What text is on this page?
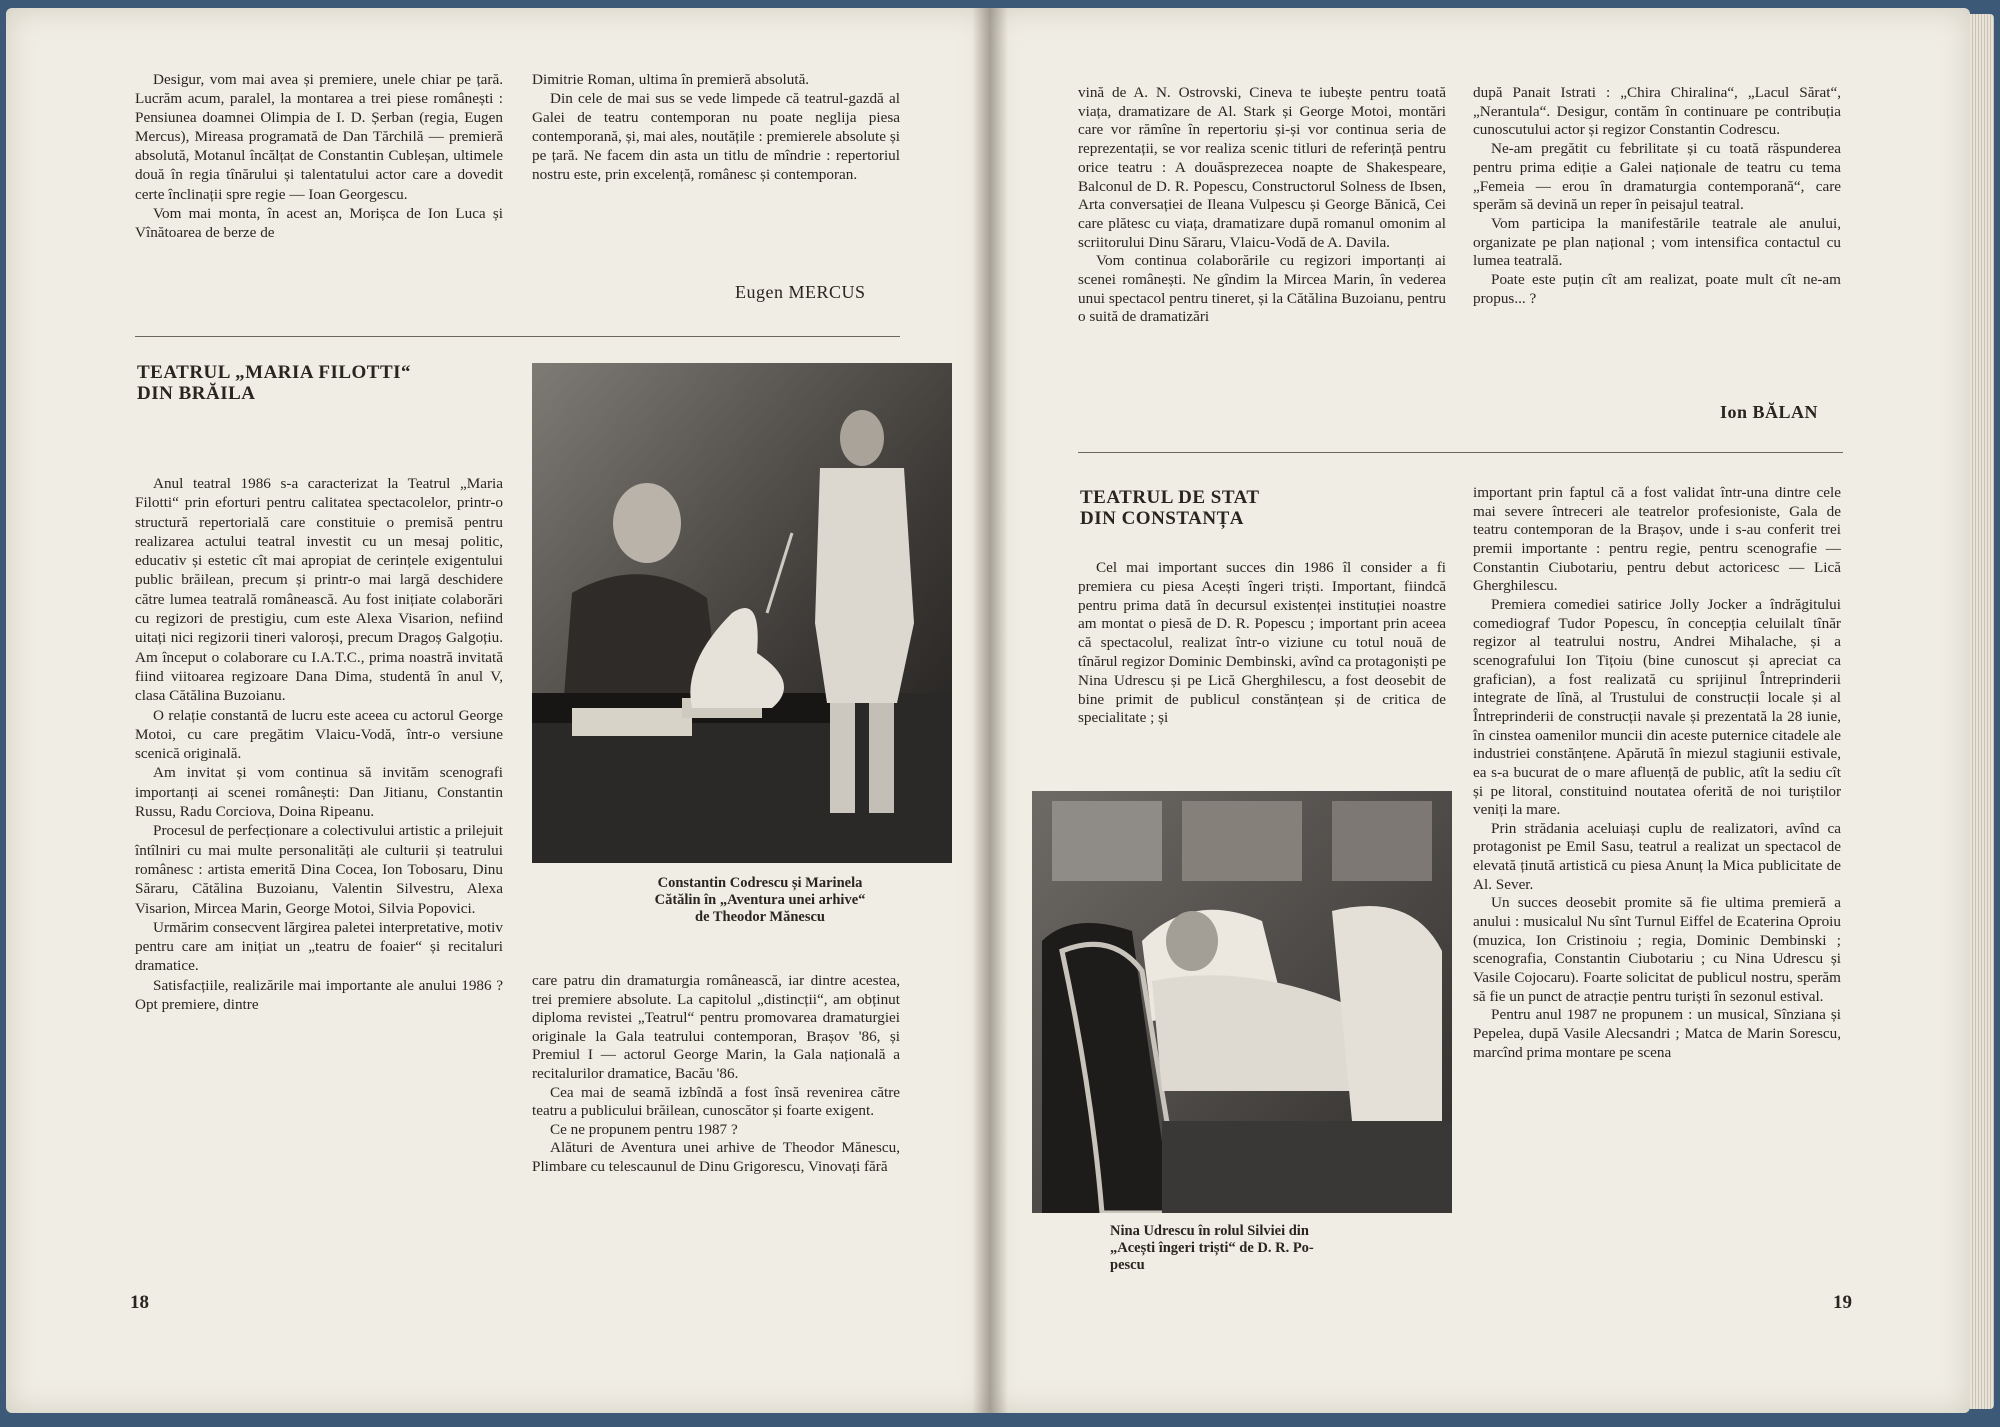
Desigur, vom mai avea și premiere, unele chiar pe țară. Lucrăm acum, paralel, la montarea a trei piese românești : Pensiunea doamnei Olimpia de I. D. Șerban (regia, Eugen Mercus), Mireasa programată de Dan Tărchilă — premieră absolută, Motanul încălțat de Constantin Cubleșan, ultimele două în regia tînărului și talentatului actor care a dovedit certe înclinații spre regie — Ioan Georgescu.

Vom mai monta, în acest an, Morișca de Ion Luca și Vînătoarea de berze de

Dimitrie Roman, ultima în premieră absolută.

Din cele de mai sus se vede limpede că teatrul-gazdă al Galei de teatru contemporan nu poate neglija piesa contemporană, și, mai ales, noutățile : premierele absolute și pe țară. Ne facem din asta un titlu de mîndrie : repertoriul nostru este, prin excelență, românesc și contemporan.

Eugen MERCUS
TEATRUL „MARIA FILOTTI“
DIN BRĂILA

Anul teatral 1986 s-a caracterizat la Teatrul „Maria Filotti“ prin eforturi pentru calitatea spectacolelor, printr-o structură repertorială care constituie o premisă pentru realizarea actului teatral investit cu un mesaj politic, educativ și estetic cît mai apropiat de cerințele exigentului public brăilean, precum și printr-o mai largă deschidere către lumea teatrală românească. Au fost inițiate colaborări cu regizori de prestigiu, cum este Alexa Visarion, nefiind uitați nici regizorii tineri valoroși, precum Dragoș Galgoțiu. Am început o colaborare cu I.A.T.C., prima noastră invitată fiind viitoarea regizoare Dana Dima, studentă în anul V, clasa Cătălina Buzoianu.

O relație constantă de lucru este aceea cu actorul George Motoi, cu care pregătim Vlaicu-Vodă, într-o versiune scenică originală.

Am invitat și vom continua să invităm scenografi importanți ai scenei românești: Dan Jitianu, Constantin Russu, Radu Corciova, Doina Ripeanu.

Procesul de perfecționare a colectivului artistic a prilejuit întîlniri cu mai multe personalități ale culturii și teatrului românesc : artista emerită Dina Cocea, Ion Tobosaru, Dinu Săraru, Cătălina Buzoianu, Valentin Silvestru, Alexa Visarion, Mircea Marin, George Motoi, Silvia Popovici.

Urmărim consecvent lărgirea paletei interpretative, motiv pentru care am inițiat un „teatru de foaier“ și recitaluri dramatice.

Satisfacțiile, realizările mai importante ale anului 1986 ? Opt premiere, dintre

Constantin Codrescu și Marinela
Cătălin în „Aventura unei arhive“
de Theodor Mănescu

care patru din dramaturgia românească, iar dintre acestea, trei premiere absolute. La capitolul „distincții“, am obținut diploma revistei „Teatrul“ pentru promovarea dramaturgiei originale la Gala teatrului contemporan, Brașov '86, și Premiul I — actorul George Marin, la Gala națională a recitalurilor dramatice, Bacău '86.

Cea mai de seamă izbîndă a fost însă revenirea către teatru a publicului brăilean, cunoscător și foarte exigent.

Ce ne propunem pentru 1987 ?

Alături de Aventura unei arhive de Theodor Mănescu, Plimbare cu telescaunul de Dinu Grigorescu, Vinovați fără

18

vină de A. N. Ostrovski, Cineva te iubește pentru toată viața, dramatizare de Al. Stark și George Motoi, montări care vor rămîne în repertoriu și-și vor continua seria de reprezentații, se vor realiza scenic titluri de referință pentru orice teatru : A douăsprezecea noapte de Shakespeare, Balconul de D. R. Popescu, Constructorul Solness de Ibsen, Arta conversației de Ileana Vulpescu și George Bănică, Cei care plătesc cu viața, dramatizare după romanul omonim al scriitorului Dinu Săraru, Vlaicu-Vodă de A. Davila.

Vom continua colaborările cu regizori importanți ai scenei românești. Ne gîndim la Mircea Marin, în vederea unui spectacol pentru tineret, și la Cătălina Buzoianu, pentru o suită de dramatizări

după Panait Istrati : „Chira Chiralina“, „Lacul Sărat“, „Nerantula“. Desigur, contăm în continuare pe contribuția cunoscutului actor și regizor Constantin Codrescu.

Ne-am pregătit cu febrilitate și cu toată răspunderea pentru prima ediție a Galei naționale de teatru cu tema „Femeia — erou în dramaturgia contemporană“, care sperăm să devină un reper în peisajul teatral.

Vom participa la manifestările teatrale ale anului, organizate pe plan național ; vom intensifica contactul cu lumea teatrală.

Poate este puțin cît am realizat, poate mult cît ne-am propus... ?

Ion BĂLAN
TEATRUL DE STAT
DIN CONSTANȚA

Cel mai important succes din 1986 îl consider a fi premiera cu piesa Acești îngeri triști. Important, fiindcă pentru prima dată în decursul existenței instituției noastre am montat o piesă de D. R. Popescu ; important prin aceea că spectacolul, realizat într-o viziune cu totul nouă de tînărul regizor Dominic Dembinski, avînd ca protagoniști pe Nina Udrescu și pe Lică Gherghilescu, a fost deosebit de bine primit de publicul constănțean și de critica de specialitate ; și

Nina Udrescu în rolul Silviei din
„Acești îngeri triști“ de D. R. Po-
pescu

important prin faptul că a fost validat într-una dintre cele mai severe întreceri ale teatrelor profesioniste, Gala de teatru contemporan de la Brașov, unde i s-au conferit trei premii importante : pentru regie, pentru scenografie — Constantin Ciubotariu, pentru debut actoricesc — Lică Gherghilescu.

Premiera comediei satirice Jolly Jocker a îndrăgitului comediograf Tudor Popescu, în concepția celuilalt tînăr regizor al teatrului nostru, Andrei Mihalache, și a scenografului Ion Tițoiu (bine cunoscut și apreciat ca grafician), a fost realizată cu sprijinul Întreprinderii integrate de lînă, al Trustului de construcții locale și al Întreprinderii de construcții navale și prezentată la 28 iunie, în cinstea oamenilor muncii din aceste puternice citadele ale industriei constănțene. Apărută în miezul stagiunii estivale, ea s-a bucurat de o mare afluență de public, atît la sediu cît și pe litoral, constituind noutatea oferită de noi turiștilor veniți la mare.

Prin strădania aceluiași cuplu de realizatori, avînd ca protagonist pe Emil Sasu, teatrul a realizat un spectacol de elevată ținută artistică cu piesa Anunț la Mica publicitate de Al. Sever.

Un succes deosebit promite să fie ultima premieră a anului : musicalul Nu sînt Turnul Eiffel de Ecaterina Oproiu (muzica, Ion Cristinoiu ; regia, Dominic Dembinski ; scenografia, Constantin Ciubotariu ; cu Nina Udrescu și Vasile Cojocaru). Foarte solicitat de publicul nostru, sperăm să fie un punct de atracție pentru turiști în sezonul estival.

Pentru anul 1987 ne propunem : un musical, Sînziana și Pepelea, după Vasile Alecsandri ; Matca de Marin Sorescu, marcînd prima montare pe scena

19
